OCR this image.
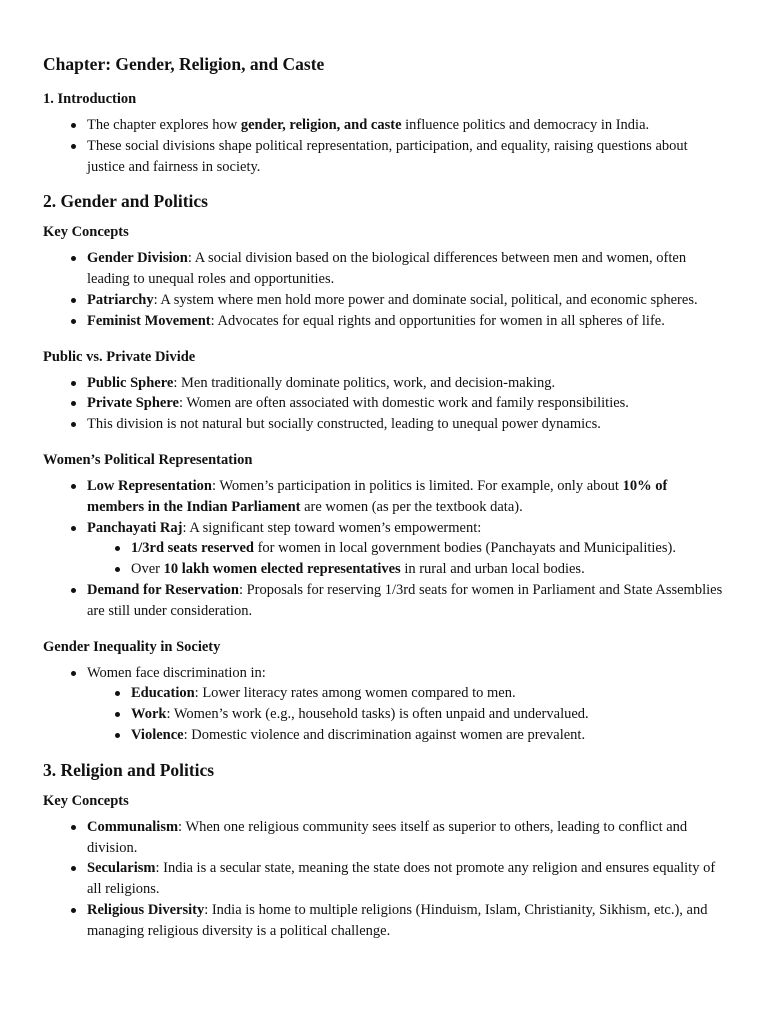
Chapter: Gender, Religion, and Caste
1. Introduction
The chapter explores how gender, religion, and caste influence politics and democracy in India.
These social divisions shape political representation, participation, and equality, raising questions about justice and fairness in society.
2. Gender and Politics
Key Concepts
Gender Division: A social division based on the biological differences between men and women, often leading to unequal roles and opportunities.
Patriarchy: A system where men hold more power and dominate social, political, and economic spheres.
Feminist Movement: Advocates for equal rights and opportunities for women in all spheres of life.
Public vs. Private Divide
Public Sphere: Men traditionally dominate politics, work, and decision-making.
Private Sphere: Women are often associated with domestic work and family responsibilities.
This division is not natural but socially constructed, leading to unequal power dynamics.
Women’s Political Representation
Low Representation: Women’s participation in politics is limited. For example, only about 10% of members in the Indian Parliament are women (as per the textbook data).
Panchayati Raj: A significant step toward women’s empowerment:
1/3rd seats reserved for women in local government bodies (Panchayats and Municipalities).
Over 10 lakh women elected representatives in rural and urban local bodies.
Demand for Reservation: Proposals for reserving 1/3rd seats for women in Parliament and State Assemblies are still under consideration.
Gender Inequality in Society
Women face discrimination in:
Education: Lower literacy rates among women compared to men.
Work: Women’s work (e.g., household tasks) is often unpaid and undervalued.
Violence: Domestic violence and discrimination against women are prevalent.
3. Religion and Politics
Key Concepts
Communalism: When one religious community sees itself as superior to others, leading to conflict and division.
Secularism: India is a secular state, meaning the state does not promote any religion and ensures equality of all religions.
Religious Diversity: India is home to multiple religions (Hinduism, Islam, Christianity, Sikhism, etc.), and managing religious diversity is a political challenge.
